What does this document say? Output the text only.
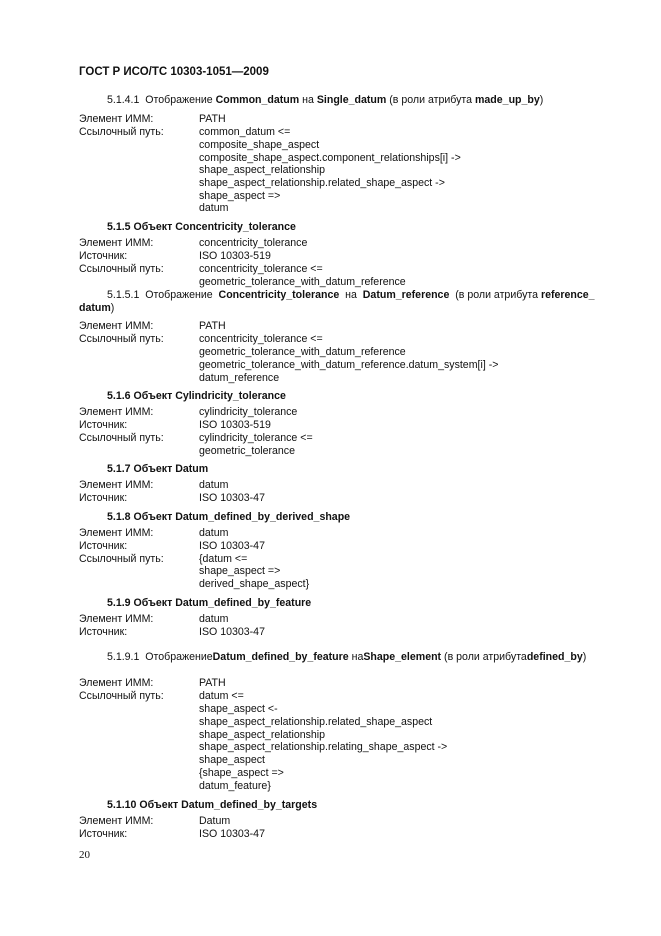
ГОСТ Р ИСО/ТС 10303-1051—2009
5.1.4.1 Отображение Common_datum на Single_datum (в роли атрибута made_up_by)
Элемент ИММ:	PATH
Ссылочный путь:	common_datum <=
composite_shape_aspect
composite_shape_aspect.component_relationships[i] ->
shape_aspect_relationship
shape_aspect_relationship.related_shape_aspect ->
shape_aspect =>
datum
5.1.5 Объект Concentricity_tolerance
Элемент ИММ:	concentricity_tolerance
Источник:	ISO 10303-519
Ссылочный путь:	concentricity_tolerance <=
geometric_tolerance_with_datum_reference
5.1.5.1 Отображение Concentricity_tolerance на Datum_reference (в роли атрибута reference_
datum)
Элемент ИММ:	PATH
Ссылочный путь:	concentricity_tolerance <=
geometric_tolerance_with_datum_reference
geometric_tolerance_with_datum_reference.datum_system[i] ->
datum_reference
5.1.6 Объект Cylindricity_tolerance
Элемент ИММ:	cylindricity_tolerance
Источник:	ISO 10303-519
Ссылочный путь:	cylindricity_tolerance <=
geometric_tolerance
5.1.7 Объект Datum
Элемент ИММ:	datum
Источник:	ISO 10303-47
5.1.8 Объект Datum_defined_by_derived_shape
Элемент ИММ:	datum
Источник:	ISO 10303-47
Ссылочный путь:	{datum <=
shape_aspect =>
derived_shape_aspect}
5.1.9 Объект Datum_defined_by_feature
Элемент ИММ:	datum
Источник:	ISO 10303-47
5.1.9.1 ОтображениеDatum_defined_by_feature наShape_element (в роли атрибутаdefined_by)
Элемент ИММ:	PATH
Ссылочный путь:	datum <=
shape_aspect <-
shape_aspect_relationship.related_shape_aspect
shape_aspect_relationship
shape_aspect_relationship.relating_shape_aspect ->
shape_aspect
{shape_aspect =>
datum_feature}
5.1.10 Объект Datum_defined_by_targets
Элемент ИММ:	Datum
Источник:	ISO 10303-47
20
